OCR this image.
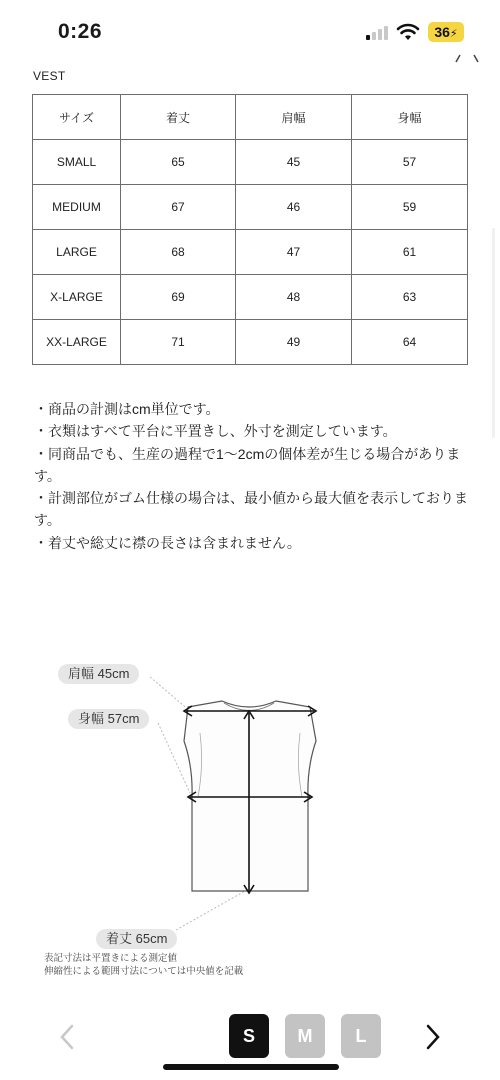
0:26	36⚡
VEST
サイズ	着丈	肩幅	身幅
SMALL	65	45	57
MEDIUM	67	46	59
LARGE	68	47	61
X-LARGE	69	48	63
XX-LARGE	71	49	64

・商品の計測はcm単位です。

・衣類はすべて平台に平置きし、外寸を測定しています。

・同商品でも、生産の過程で1〜2cmの個体差が生じる場合があります。

・計測部位がゴム仕様の場合は、最小値から最大値を表示しております。

・着丈や総丈に襟の長さは含まれません。

肩幅 45cm
身幅 57cm
着丈 65cm
表記寸法は平置きによる測定値
伸縮性による範囲寸法については中央値を記載
S	M	L
